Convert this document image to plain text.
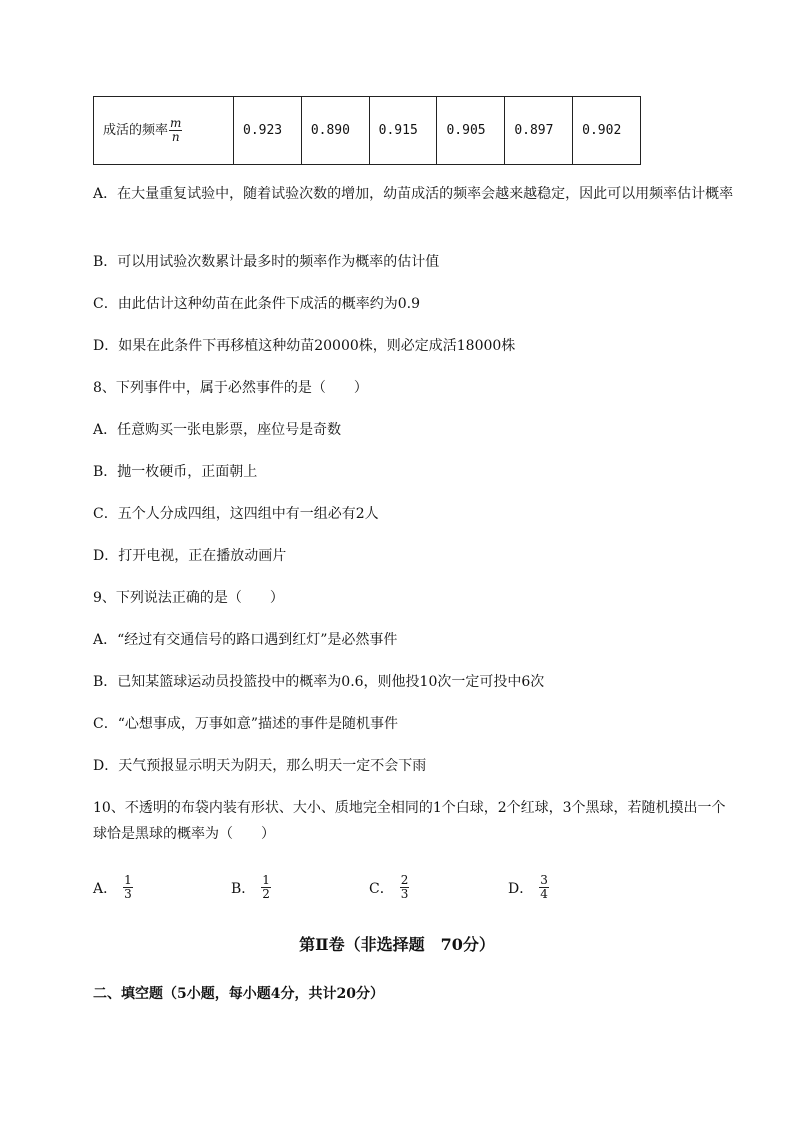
成活的频率 $\frac{m}{n}$	0.923	0.890	0.915	0.905	0.897	0.902
A．在大量重复试验中，随着试验次数的增加，幼苗成活的频率会越来越稳定，因此可以用频率估计概率
B．可以用试验次数累计最多时的频率作为概率的估计值
C．由此估计这种幼苗在此条件下成活的概率约为0.9
D．如果在此条件下再移植这种幼苗20000株，则必定成活18000株
8、下列事件中，属于必然事件的是（　　）
A．任意购买一张电影票，座位号是奇数
B．抛一枚硬币，正面朝上
C．五个人分成四组，这四组中有一组必有2人
D．打开电视，正在播放动画片
9、下列说法正确的是（　　）
A．“经过有交通信号的路口遇到红灯”是必然事件
B．已知某篮球运动员投篮投中的概率为0.6，则他投10次一定可投中6次
C．“心想事成，万事如意”描述的事件是随机事件
D．天气预报显示明天为阴天，那么明天一定不会下雨
10、不透明的布袋内装有形状、大小、质地完全相同的1个白球，2个红球，3个黑球，若随机摸出一个球恰是黑球的概率为（　　）
A． $\frac{1}{3}$	B． $\frac{1}{2}$	C． $\frac{2}{3}$	D． $\frac{3}{4}$
第Ⅱ卷（非选择题　70分）
二、填空题（5小题，每小题4分，共计20分）
